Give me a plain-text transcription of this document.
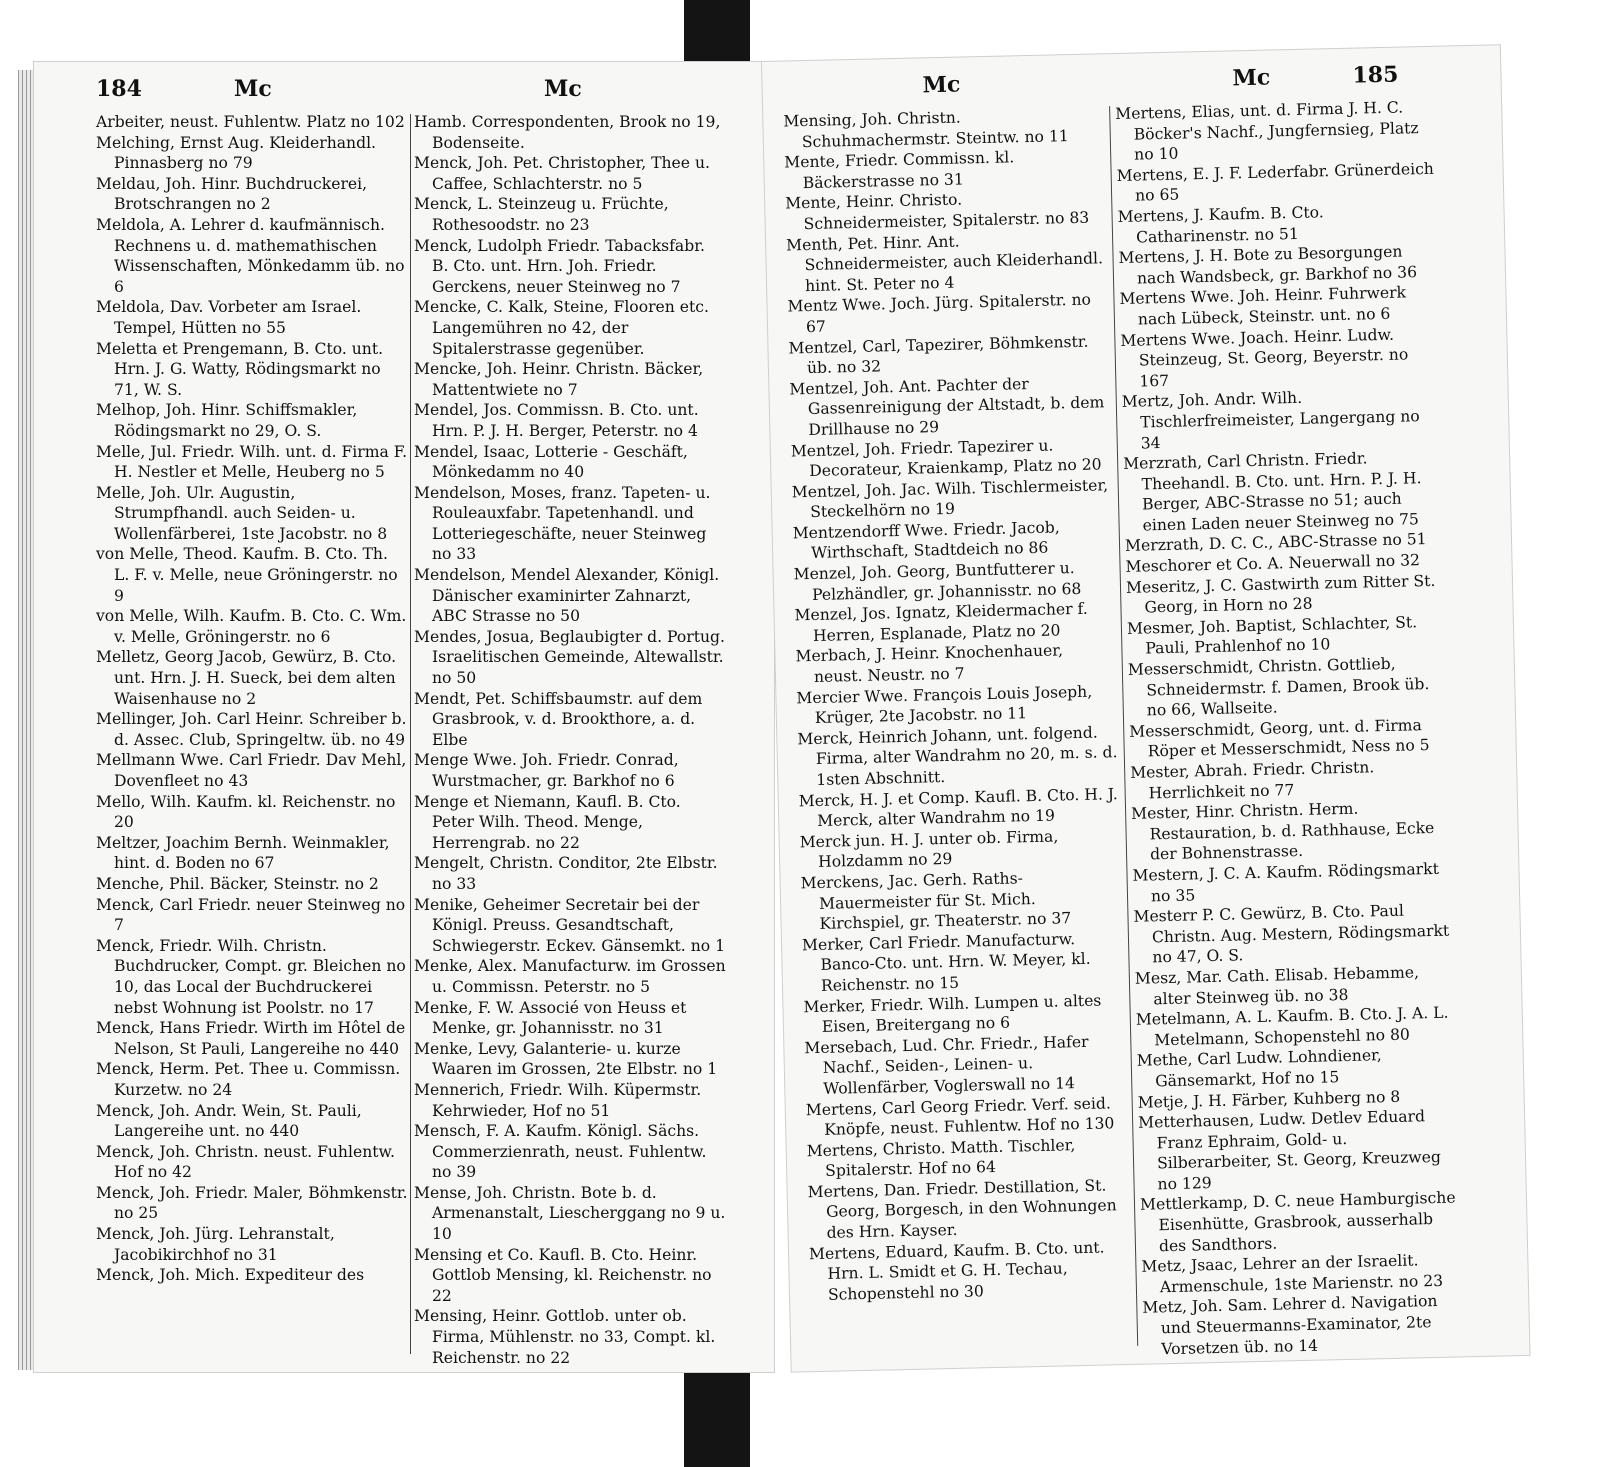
184	Mc	Mc

Arbeiter, neust. Fuhlentw. Platz no 102

Melching, Ernst Aug. Kleiderhandl. Pinnasberg no 79

Meldau, Joh. Hinr. Buchdruckerei, Brotschrangen no 2

Meldola, A. Lehrer d. kaufmännisch. Rechnens u. d. mathemathischen Wissenschaften, Mönkedamm üb. no 6

Meldola, Dav. Vorbeter am Israel. Tempel, Hütten no 55

Meletta et Prengemann, B. Cto. unt. Hrn. J. G. Watty, Rödingsmarkt no 71, W. S.

Melhop, Joh. Hinr. Schiffsmakler, Rödingsmarkt no 29, O. S.

Melle, Jul. Friedr. Wilh. unt. d. Firma F. H. Nestler et Melle, Heuberg no 5

Melle, Joh. Ulr. Augustin, Strumpfhandl. auch Seiden- u. Wollenfärberei, 1ste Jacobstr. no 8

von Melle, Theod. Kaufm. B. Cto. Th. L. F. v. Melle, neue Gröningerstr. no 9

von Melle, Wilh. Kaufm. B. Cto. C. Wm. v. Melle, Gröningerstr. no 6

Melletz, Georg Jacob, Gewürz, B. Cto. unt. Hrn. J. H. Sueck, bei dem alten Waisenhause no 2

Mellinger, Joh. Carl Heinr. Schreiber b. d. Assec. Club, Springeltw. üb. no 49

Mellmann Wwe. Carl Friedr. Dav Mehl, Dovenfleet no 43

Mello, Wilh. Kaufm. kl. Reichenstr. no 20

Meltzer, Joachim Bernh. Weinmakler, hint. d. Boden no 67

Menche, Phil. Bäcker, Steinstr. no 2

Menck, Carl Friedr. neuer Steinweg no 7

Menck, Friedr. Wilh. Christn. Buchdrucker, Compt. gr. Bleichen no 10, das Local der Buchdruckerei nebst Wohnung ist Poolstr. no 17

Menck, Hans Friedr. Wirth im Hôtel de Nelson, St Pauli, Langereihe no 440

Menck, Herm. Pet. Thee u. Commissn. Kurzetw. no 24

Menck, Joh. Andr. Wein, St. Pauli, Langereihe unt. no 440

Menck, Joh. Christn. neust. Fuhlentw. Hof no 42

Menck, Joh. Friedr. Maler, Böhmkenstr. no 25

Menck, Joh. Jürg. Lehranstalt, Jacobikirchhof no 31

Menck, Joh. Mich. Expediteur des

Hamb. Correspondenten, Brook no 19, Bodenseite.

Menck, Joh. Pet. Christopher, Thee u. Caffee, Schlachterstr. no 5

Menck, L. Steinzeug u. Früchte, Rothesoodstr. no 23

Menck, Ludolph Friedr. Tabacksfabr. B. Cto. unt. Hrn. Joh. Friedr. Gerckens, neuer Steinweg no 7

Mencke, C. Kalk, Steine, Flooren etc. Langemühren no 42, der Spitalerstrasse gegenüber.

Mencke, Joh. Heinr. Christn. Bäcker, Mattentwiete no 7

Mendel, Jos. Commissn. B. Cto. unt. Hrn. P. J. H. Berger, Peterstr. no 4

Mendel, Isaac, Lotterie - Geschäft, Mönkedamm no 40

Mendelson, Moses, franz. Tapeten- u. Rouleauxfabr. Tapetenhandl. und Lotteriegeschäfte, neuer Steinweg no 33

Mendelson, Mendel Alexander, Königl. Dänischer examinirter Zahnarzt, ABC Strasse no 50

Mendes, Josua, Beglaubigter d. Portug. Israelitischen Gemeinde, Altewallstr. no 50

Mendt, Pet. Schiffsbaumstr. auf dem Grasbrook, v. d. Brookthore, a. d. Elbe

Menge Wwe. Joh. Friedr. Conrad, Wurstmacher, gr. Barkhof no 6

Menge et Niemann, Kaufl. B. Cto. Peter Wilh. Theod. Menge, Herrengrab. no 22

Mengelt, Christn. Conditor, 2te Elbstr. no 33

Menike, Geheimer Secretair bei der Königl. Preuss. Gesandtschaft, Schwiegerstr. Eckev. Gänsemkt. no 1

Menke, Alex. Manufacturw. im Grossen u. Commissn. Peterstr. no 5

Menke, F. W. Associé von Heuss et Menke, gr. Johannisstr. no 31

Menke, Levy, Galanterie- u. kurze Waaren im Grossen, 2te Elbstr. no 1

Mennerich, Friedr. Wilh. Küpermstr. Kehrwieder, Hof no 51

Mensch, F. A. Kaufm. Königl. Sächs. Commerzienrath, neust. Fuhlentw. no 39

Mense, Joh. Christn. Bote b. d. Armenanstalt, Liescherggang no 9 u. 10

Mensing et Co. Kaufl. B. Cto. Heinr. Gottlob Mensing, kl. Reichenstr. no 22

Mensing, Heinr. Gottlob. unter ob. Firma, Mühlenstr. no 33, Compt. kl. Reichenstr. no 22

Mc	Mc	185

Mensing, Joh. Christn. Schuhmachermstr. Steintw. no 11

Mente, Friedr. Commissn. kl. Bäckerstrasse no 31

Mente, Heinr. Christo. Schneidermeister, Spitalerstr. no 83

Menth, Pet. Hinr. Ant. Schneidermeister, auch Kleiderhandl. hint. St. Peter no 4

Mentz Wwe. Joch. Jürg. Spitalerstr. no 67

Mentzel, Carl, Tapezirer, Böhmkenstr. üb. no 32

Mentzel, Joh. Ant. Pachter der Gassenreinigung der Altstadt, b. dem Drillhause no 29

Mentzel, Joh. Friedr. Tapezirer u. Decorateur, Kraienkamp, Platz no 20

Mentzel, Joh. Jac. Wilh. Tischlermeister, Steckelhörn no 19

Mentzendorff Wwe. Friedr. Jacob, Wirthschaft, Stadtdeich no 86

Menzel, Joh. Georg, Buntfutterer u. Pelzhändler, gr. Johannisstr. no 68

Menzel, Jos. Ignatz, Kleidermacher f. Herren, Esplanade, Platz no 20

Merbach, J. Heinr. Knochenhauer, neust. Neustr. no 7

Mercier Wwe. François Louis Joseph, Krüger, 2te Jacobstr. no 11

Merck, Heinrich Johann, unt. folgend. Firma, alter Wandrahm no 20, m. s. d. 1sten Abschnitt.

Merck, H. J. et Comp. Kaufl. B. Cto. H. J. Merck, alter Wandrahm no 19

Merck jun. H. J. unter ob. Firma, Holzdamm no 29

Merckens, Jac. Gerh. Raths-Mauermeister für St. Mich. Kirchspiel, gr. Theaterstr. no 37

Merker, Carl Friedr. Manufacturw. Banco-Cto. unt. Hrn. W. Meyer, kl. Reichenstr. no 15

Merker, Friedr. Wilh. Lumpen u. altes Eisen, Breitergang no 6

Mersebach, Lud. Chr. Friedr., Hafer Nachf., Seiden-, Leinen- u. Wollenfärber, Voglerswall no 14

Mertens, Carl Georg Friedr. Verf. seid. Knöpfe, neust. Fuhlentw. Hof no 130

Mertens, Christo. Matth. Tischler, Spitalerstr. Hof no 64

Mertens, Dan. Friedr. Destillation, St. Georg, Borgesch, in den Wohnungen des Hrn. Kayser.

Mertens, Eduard, Kaufm. B. Cto. unt. Hrn. L. Smidt et G. H. Techau, Schopenstehl no 30

Mertens, Elias, unt. d. Firma J. H. C. Böcker's Nachf., Jungfernsieg, Platz no 10

Mertens, E. J. F. Lederfabr. Grünerdeich no 65

Mertens, J. Kaufm. B. Cto. Catharinenstr. no 51

Mertens, J. H. Bote zu Besorgungen nach Wandsbeck, gr. Barkhof no 36

Mertens Wwe. Joh. Heinr. Fuhrwerk nach Lübeck, Steinstr. unt. no 6

Mertens Wwe. Joach. Heinr. Ludw. Steinzeug, St. Georg, Beyerstr. no 167

Mertz, Joh. Andr. Wilh. Tischlerfreimeister, Langergang no 34

Merzrath, Carl Christn. Friedr. Theehandl. B. Cto. unt. Hrn. P. J. H. Berger, ABC-Strasse no 51; auch einen Laden neuer Steinweg no 75

Merzrath, D. C. C., ABC-Strasse no 51

Meschorer et Co. A. Neuerwall no 32

Meseritz, J. C. Gastwirth zum Ritter St. Georg, in Horn no 28

Mesmer, Joh. Baptist, Schlachter, St. Pauli, Prahlenhof no 10

Messerschmidt, Christn. Gottlieb, Schneidermstr. f. Damen, Brook üb. no 66, Wallseite.

Messerschmidt, Georg, unt. d. Firma Röper et Messerschmidt, Ness no 5

Mester, Abrah. Friedr. Christn. Herrlichkeit no 77

Mester, Hinr. Christn. Herm. Restauration, b. d. Rathhause, Ecke der Bohnenstrasse.

Mestern, J. C. A. Kaufm. Rödingsmarkt no 35

Mesterr P. C. Gewürz, B. Cto. Paul Christn. Aug. Mestern, Rödingsmarkt no 47, O. S.

Mesz, Mar. Cath. Elisab. Hebamme, alter Steinweg üb. no 38

Metelmann, A. L. Kaufm. B. Cto. J. A. L. Metelmann, Schopenstehl no 80

Methe, Carl Ludw. Lohndiener, Gänsemarkt, Hof no 15

Metje, J. H. Färber, Kuhberg no 8

Metterhausen, Ludw. Detlev Eduard Franz Ephraim, Gold- u. Silberarbeiter, St. Georg, Kreuzweg no 129

Mettlerkamp, D. C. neue Hamburgische Eisenhütte, Grasbrook, ausserhalb des Sandthors.

Metz, Jsaac, Lehrer an der Israelit. Armenschule, 1ste Marienstr. no 23

Metz, Joh. Sam. Lehrer d. Navigation und Steuermanns-Examinator, 2te Vorsetzen üb. no 14
